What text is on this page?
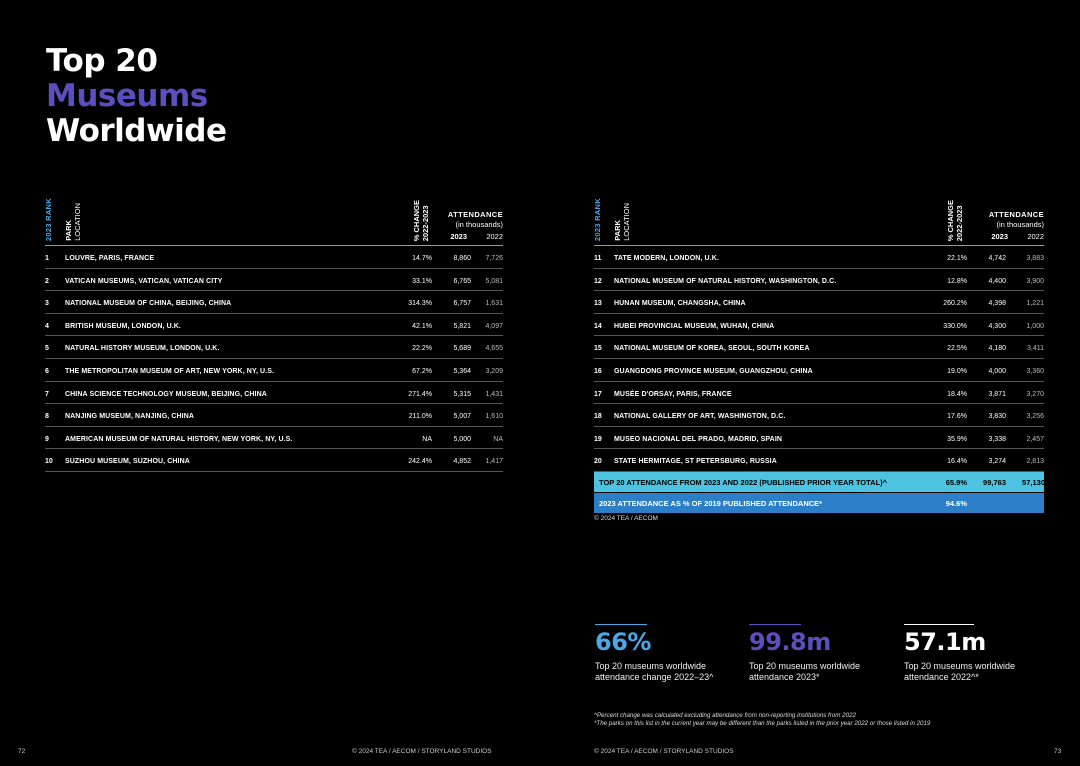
Top 20
Museums
Worldwide
2023 RANK PARK
LOCATION	% CHANGE
2022-2023	ATTENDANCE
(in thousands)
2023	2022
1 LOUVRE, PARIS, FRANCE	14.7%	8,860 7,726
2 VATICAN MUSEUMS, VATICAN, VATICAN CITY	33.1%	6,765 5,081
3 NATIONAL MUSEUM OF CHINA, BEIJING, CHINA	314.3%	6,757 1,631
4 BRITISH MUSEUM, LONDON, U.K.	42.1%	5,821 4,097
5 NATURAL HISTORY MUSEUM, LONDON, U.K.	22.2%	5,689 4,655
6 THE METROPOLITAN MUSEUM OF ART, NEW YORK, NY, U.S.	67.2%	5,364 3,209
7 CHINA SCIENCE TECHNOLOGY MUSEUM, BEIJING, CHINA	271.4%	5,315 1,431
8 NANJING MUSEUM, NANJING, CHINA	211.0%	5,007 1,610
9 AMERICAN MUSEUM OF NATURAL HISTORY, NEW YORK, NY, U.S.	NA	5,000	NA
10 SUZHOU MUSEUM, SUZHOU, CHINA	242.4%	4,852 1,417
2023 RANK PARK
LOCATION	% CHANGE
2022-2023	ATTENDANCE
(in thousands)
2023	2022
11 TATE MODERN, LONDON, U.K.	22.1%	4,742	3,883
12 NATIONAL MUSEUM OF NATURAL HISTORY, WASHINGTON, D.C.	12.8%	4,400	3,900
13 HUNAN MUSEUM, CHANGSHA, CHINA	260.2%	4,398	1,221
14 HUBEI PROVINCIAL MUSEUM, WUHAN, CHINA	330.0%	4,300	1,000
15 NATIONAL MUSEUM OF KOREA, SEOUL, SOUTH KOREA	22.5%	4,180	3,411
16 GUANGDONG PROVINCE MUSEUM, GUANGZHOU, CHINA	19.0%	4,000	3,360
17 MUSÉE D'ORSAY, PARIS, FRANCE	18.4%	3,871	3,270
18 NATIONAL GALLERY OF ART, WASHINGTON, D.C.	17.6%	3,830	3,256
19 MUSEO NACIONAL DEL PRADO, MADRID, SPAIN	35.9%	3,338	2,457
20 STATE HERMITAGE, ST PETERSBURG, RUSSIA	16.4%	3,274	2,813
TOP 20 ATTENDANCE FROM 2023 AND 2022 (PUBLISHED PRIOR YEAR TOTAL)^	65.9% 99,763 57,130
2023 ATTENDANCE AS % OF 2019 PUBLISHED ATTENDANCE*	94.6%
© 2024 TEA / AECOM
66%
Top 20 museums worldwide attendance change 2022–23^
99.8m
Top 20 museums worldwide attendance 2023*
57.1m
Top 20 museums worldwide attendance 2022^*
^Percent change was calculated excluding attendance from non-reporting institutions from 2022
*The parks on this list in the current year may be different than the parks listed in the prior year 2022 or those listed in 2019
72	© 2024 TEA / AECOM / STORYLAND STUDIOS	© 2024 TEA / AECOM / STORYLAND STUDIOS	73
